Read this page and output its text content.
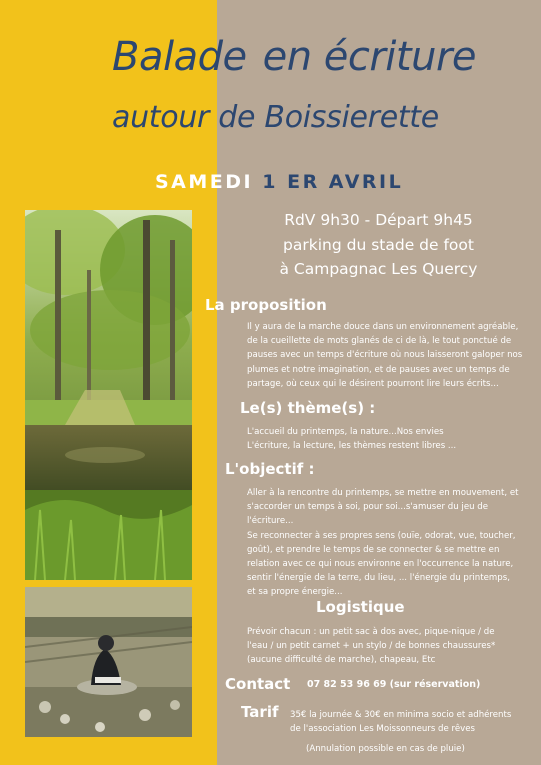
Balade en écriture
autour de Boissierette
SAMEDI 1 ER AVRIL
RdV 9h30 - Départ 9h45
parking du stade de foot
à Campagnac Les Quercy
La proposition
Il y aura de la marche douce dans un environnement agréable,
de la cueillette de mots glanés de ci de là, le tout ponctué de
pauses avec un temps d'écriture où nous laisseront galoper nos
plumes et notre imagination, et de pauses avec un temps de
partage, où ceux qui le désirent pourront lire leurs écrits...
Le(s) thème(s) :
L'accueil du printemps, la nature...Nos envies
L'écriture, la lecture, les thèmes restent libres ...
L'objectif :
Aller à la rencontre du printemps, se mettre en mouvement, et
s'accorder un temps à soi, pour soi...s'amuser du jeu de
l'écriture...
Se reconnecter à ses propres sens (ouïe, odorat, vue, toucher,
goût), et prendre le temps de se connecter & se mettre en
relation avec ce qui nous environne en l'occurrence la nature,
sentir l'énergie de la terre, du lieu, ... l'énergie du printemps,
et sa propre énergie...
Logistique
Prévoir chacun : un petit sac à dos avec, pique-nique / de
l'eau / un petit carnet + un stylo / de bonnes chaussures*
(aucune difficulté de marche), chapeau, Etc
Contact 07 82 53 96 69 (sur réservation)
Tarif 35€ la journée & 30€ en minima socio et adhérents
de l'association Les Moissonneurs de rêves
(Annulation possible en cas de pluie)
